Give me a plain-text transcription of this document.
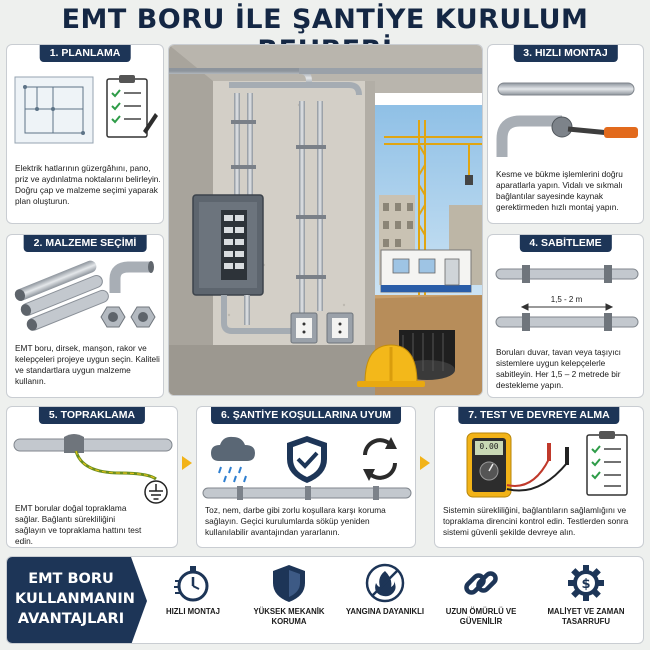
EMT BORU İLE ŞANTİYE KURULUM
1. PLANLAMA
Elektrik hatlarının güzergâhını, pano, priz ve aydınlatma noktalarını belirleyin. Doğru çap ve malzeme seçimi yaparak plan oluşturun.
2. MALZEME SEÇİMİ
EMT boru, dirsek, manşon, rakor ve kelepçeleri projeye uygun seçin. Kaliteli ve standartlara uygun malzeme kullanın.
3. HIZLI MONTAJ
Kesme ve bükme işlemlerini doğru aparatlarla yapın. Vidalı ve sıkmalı bağlantılar sayesinde kaynak gerektirmeden hızlı montaj yapın.
4. SABİTLEME
1,5 - 2 m
Boruları duvar, tavan veya taşıyıcı sistemlere uygun kelepçelerle sabitleyin. Her 1,5 – 2 metrede bir destekleme yapın.
5. TOPRAKLAMA
EMT borular doğal topraklama sağlar. Bağlantı sürekliliğini sağlayın ve topraklama hattını test edin.
6. ŞANTİYE KOŞULLARINA UYUM
Toz, nem, darbe gibi zorlu koşullara karşı koruma sağlayın. Geçici kurulumlarda söküp yeniden kullanılabilir avantajından yararlanın.
7. TEST VE DEVREYE ALMA
0.00
Sistemin sürekliliğini, bağlantıların sağlamlığını ve topraklama direncini kontrol edin. Testlerden sonra sistemi güvenli şekilde devreye alın.
EMT BORU
KULLANMANIN
AVANTAJLARI	HIZLI MONTAJ	YÜKSEK MEKANİK KORUMA
YANGINA DAYANIKLI	UZUN ÖMÜRLÜ VE GÜVENİLİR
$
MALİYET VE ZAMAN TASARRUFU
